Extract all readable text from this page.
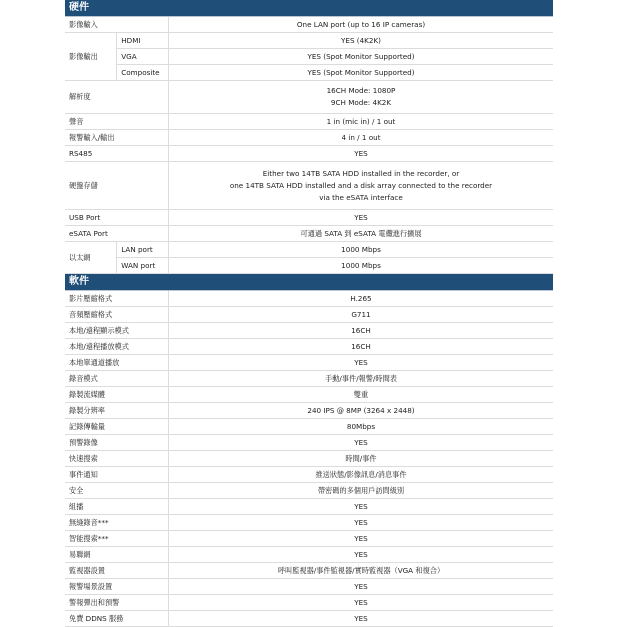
硬件
影像輸入		One LAN port (up to 16 IP cameras)
影像輸出	HDMI	YES (4K2K)
	VGA	YES (Spot Monitor Supported)
	Composite	YES (Spot Monitor Supported)
解析度		16CH Mode: 1080P
9CH Mode: 4K2K

聲音		1 in (mic in) / 1 out
報警輸入/輸出		4 in / 1 out
RS485		YES
硬盤存儲		Either two 14TB SATA HDD installed in the recorder, or
one 14TB SATA HDD installed and a disk array connected to the recorder
via the eSATA interface

USB Port		YES
eSATA Port		可通過 SATA 到 eSATA 電纜進行擴展
以太網	LAN port	1000 Mbps
	WAN port	1000 Mbps
軟件
影片壓縮格式	H.265
音頻壓縮格式	G711
本地/遠程顯示模式	16CH
本地/遠程播放模式	16CH
本地單通道播放	YES
錄音模式	手動/事件/報警/時間表
錄製流媒體	雙重
錄製分辨率	240 IPS @ 8MP (3264 x 2448)
記錄傳輸量	80Mbps
預警錄像	YES
快速搜索	時間/事件
事件通知	推送狀態/影像訊息/消息事件
安全	帶密碼的多個用戶訪問級別
組播	YES
無縫錄音***	YES
智能搜索***	YES
易聯網	YES
監視器設置	呼叫監視器/事件監視器/實時監視器（VGA 和復合）
報警場景設置	YES
警報彈出和預警	YES
免費 DDNS 服務	YES
